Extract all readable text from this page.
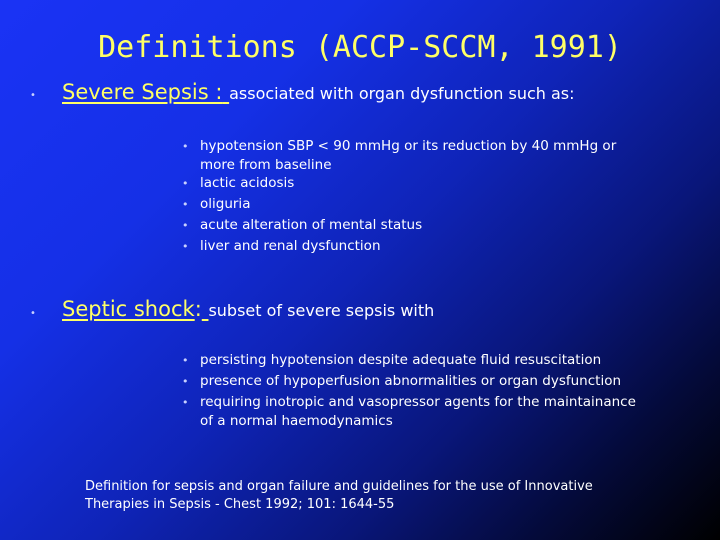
Definitions (ACCP-SCCM, 1991)
• Severe Sepsis : associated with organ dysfunction such as:
• hypotension SBP < 90 mmHg or its reduction by 40 mmHg or
more from baseline
• lactic acidosis
• oliguria
• acute alteration of mental status
• liver and renal dysfunction
• Septic shock: subset of severe sepsis with
• persisting hypotension despite adequate fluid resuscitation
• presence of hypoperfusion abnormalities or organ dysfunction
• requiring inotropic and vasopressor agents for the maintainance
of a normal haemodynamics
Definition for sepsis and organ failure and guidelines for the use of Innovative
Therapies in Sepsis - Chest 1992; 101: 1644-55
